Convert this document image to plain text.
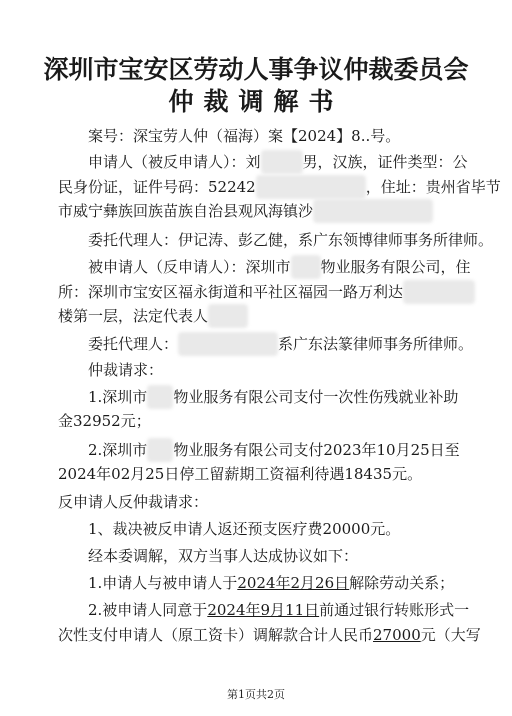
深圳市宝安区劳动人事争议仲裁委员会
仲裁调解书
案号：深宝劳人仲（福海）案【2024】8..号。
申请人（被反申请人）：刘	男，汉族，证件类型：公
民身份证，证件号码：52242	，住址：贵州省毕节
市威宁彝族回族苗族自治县观风海镇沙
委托代理人：伊记涛、彭乙健，系广东领博律师事务所律师。
被申请人（反申请人）：深圳市 物业服务有限公司，住
所：深圳市宝安区福永街道和平社区福园一路万利达
楼第一层，法定代表人
委托代理人：	系广东法篆律师事务所律师。
仲裁请求：
1.深圳市 物业服务有限公司支付一次性伤残就业补助
金32952元；
2.深圳市 物业服务有限公司支付2023年10月25日至
2024年02月25日停工留薪期工资福利待遇18435元。
反申请人反仲裁请求：
1、裁决被反申请人返还预支医疗费20000元。
经本委调解，双方当事人达成协议如下：
1.申请人与被申请人于2024年2月26日解除劳动关系；
2.被申请人同意于2024年9月11日前通过银行转账形式一
次性支付申请人（原工资卡）调解款合计人民币27000元（大写
第1页共2页
